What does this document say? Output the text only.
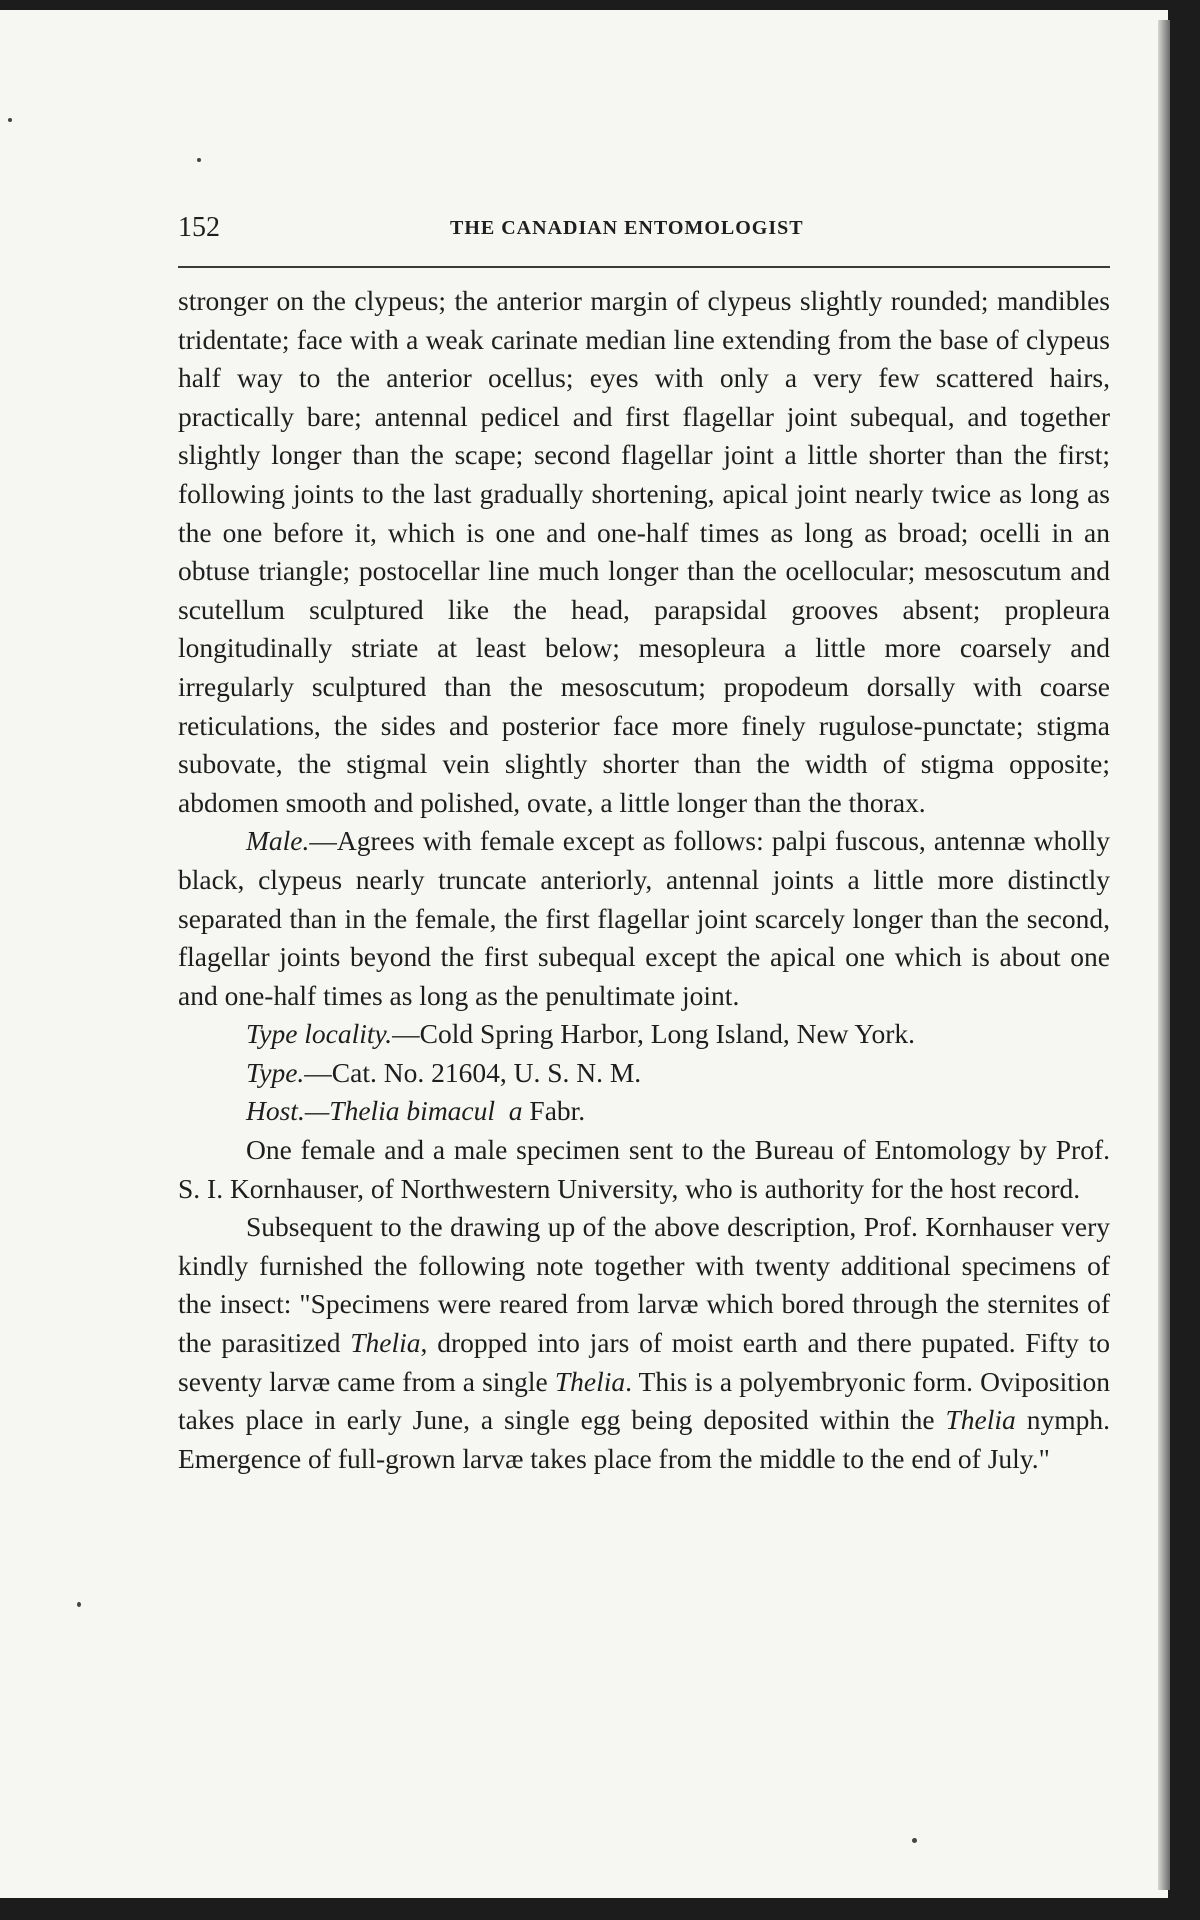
152	THE CANADIAN ENTOMOLOGIST

stronger on the clypeus; the anterior margin of clypeus slightly rounded; mandibles tridentate; face with a weak carinate median line extending from the base of clypeus half way to the anterior ocellus; eyes with only a very few scattered hairs, practically bare; antennal pedicel and first flagellar joint subequal, and together slightly longer than the scape; second flagellar joint a little shorter than the first; following joints to the last gradually shortening, apical joint nearly twice as long as the one before it, which is one and one-half times as long as broad; ocelli in an obtuse triangle; postocellar line much longer than the ocellocular; mesoscutum and scutellum sculptured like the head, parapsidal grooves absent; propleura longitudinally striate at least below; mesopleura a little more coarsely and irregularly sculptured than the mesoscutum; propodeum dorsally with coarse reticulations, the sides and posterior face more finely rugulose-punctate; stigma subovate, the stigmal vein slightly shorter than the width of stigma opposite; abdomen smooth and polished, ovate, a little longer than the thorax.

Male.—Agrees with female except as follows: palpi fuscous, antennæ wholly black, clypeus nearly truncate anteriorly, antennal joints a little more distinctly separated than in the female, the first flagellar joint scarcely longer than the second, flagellar joints beyond the first subequal except the apical one which is about one and one-half times as long as the penultimate joint.

Type locality.—Cold Spring Harbor, Long Island, New York.

Type.—Cat. No. 21604, U. S. N. M.

Host.—Thelia bimacul a Fabr.

One female and a male specimen sent to the Bureau of Entomology by Prof. S. I. Kornhauser, of Northwestern University, who is authority for the host record.

Subsequent to the drawing up of the above description, Prof. Kornhauser very kindly furnished the following note together with twenty additional specimens of the insect: "Specimens were reared from larvæ which bored through the sternites of the parasitized Thelia, dropped into jars of moist earth and there pupated. Fifty to seventy larvæ came from a single Thelia. This is a polyembryonic form. Oviposition takes place in early June, a single egg being deposited within the Thelia nymph. Emergence of full-grown larvæ takes place from the middle to the end of July."
